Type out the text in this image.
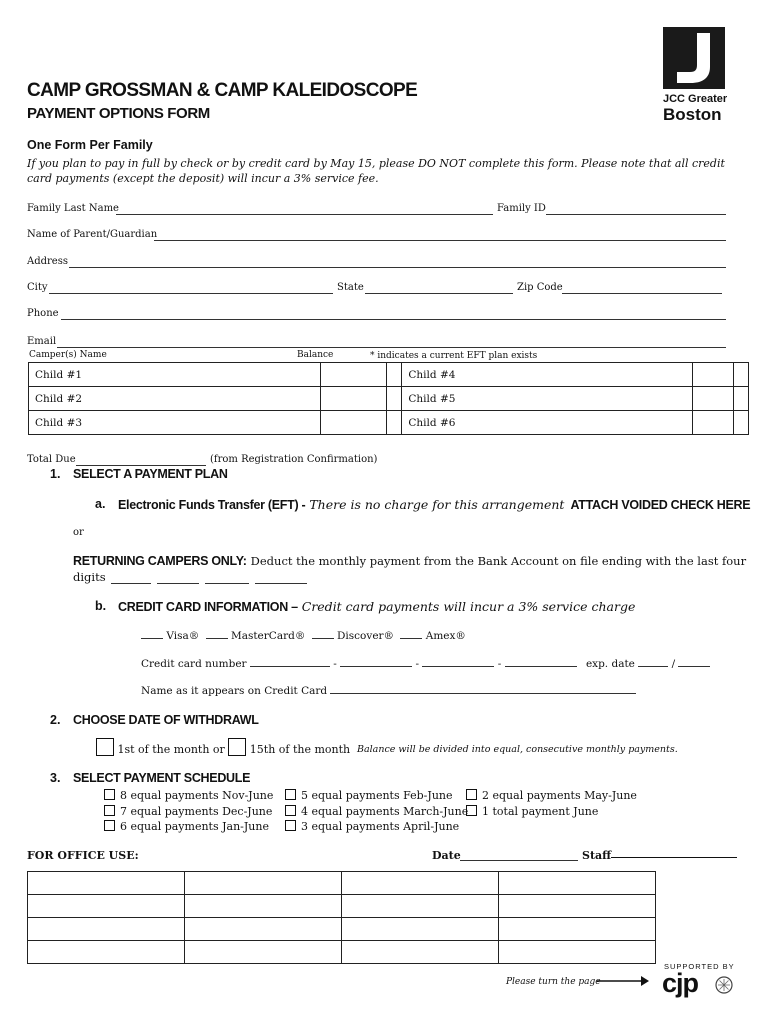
JCC Greater
Boston
CAMP GROSSMAN & CAMP KALEIDOSCOPE
PAYMENT OPTIONS FORM
One Form Per Family
If you plan to pay in full by check or by credit card by May 15, please DO NOT complete this form. Please note that all credit card payments (except the deposit) will incur a 3% service fee.
Family Last Name	Family ID
Name of Parent/Guardian
Address
City	State	Zip Code
Phone
Email
Camper(s) Name	Balance	* indicates a current EFT plan exists
Child #1			Child #4		
Child #2			Child #5		
Child #3			Child #6		
Total Due	(from Registration Confirmation)
1. SELECT A PAYMENT PLAN
a. Electronic Funds Transfer (EFT) - There is no charge for this arrangement ATTACH VOIDED CHECK HERE
or
RETURNING CAMPERS ONLY: Deduct the monthly payment from the Bank Account on file ending with the last four
digits
b. CREDIT CARD INFORMATION – Credit card payments will incur a 3% service charge
Visa®	MasterCard®	Discover®	Amex®
Credit card number	-	-	-	exp. date	/
Name as it appears on Credit Card
2. CHOOSE DATE OF WITHDRAWL
1st of the month or 15th of the month Balance will be divided into equal, consecutive monthly payments.
3. SELECT PAYMENT SCHEDULE
8 equal payments Nov-June
7 equal payments Dec-June
6 equal payments Jan-June
5 equal payments Feb-June
4 equal payments March-June
3 equal payments April-June
2 equal payments May-June
1 total payment June
FOR OFFICE USE:	Date	Staff

Please turn the page
SUPPORTED BY
cjp
